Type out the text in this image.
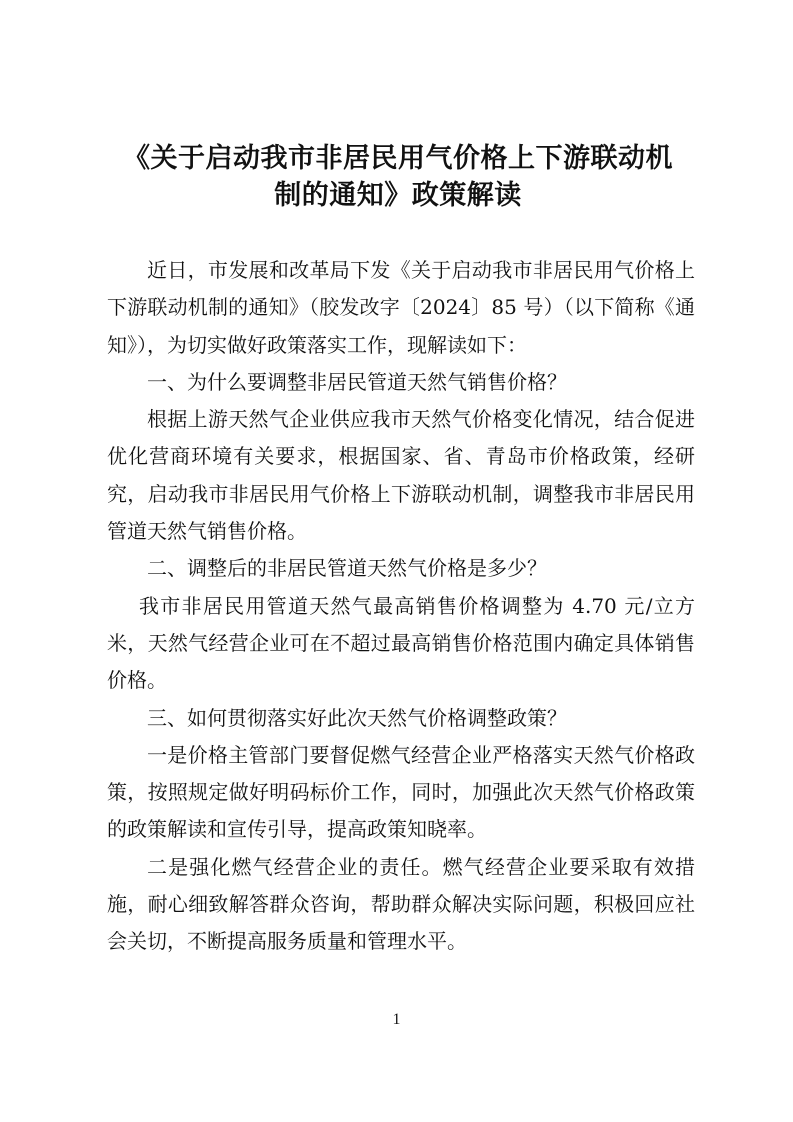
《关于启动我市非居民用气价格上下游联动机
制的通知》政策解读

近日，市发展和改革局下发《关于启动我市非居民用气价格上下游联动机制的通知》（胶发改字〔2024〕85 号）（以下简称《通知》），为切实做好政策落实工作，现解读如下：

一、为什么要调整非居民管道天然气销售价格？

根据上游天然气企业供应我市天然气价格变化情况，结合促进优化营商环境有关要求，根据国家、省、青岛市价格政策，经研究，启动我市非居民用气价格上下游联动机制，调整我市非居民用管道天然气销售价格。

二、调整后的非居民管道天然气价格是多少？

我市非居民用管道天然气最高销售价格调整为 4.70 元/立方米，天然气经营企业可在不超过最高销售价格范围内确定具体销售价格。

三、如何贯彻落实好此次天然气价格调整政策？

一是价格主管部门要督促燃气经营企业严格落实天然气价格政策，按照规定做好明码标价工作，同时，加强此次天然气价格政策的政策解读和宣传引导，提高政策知晓率。

二是强化燃气经营企业的责任。燃气经营企业要采取有效措施，耐心细致解答群众咨询，帮助群众解决实际问题，积极回应社会关切，不断提高服务质量和管理水平。

1
